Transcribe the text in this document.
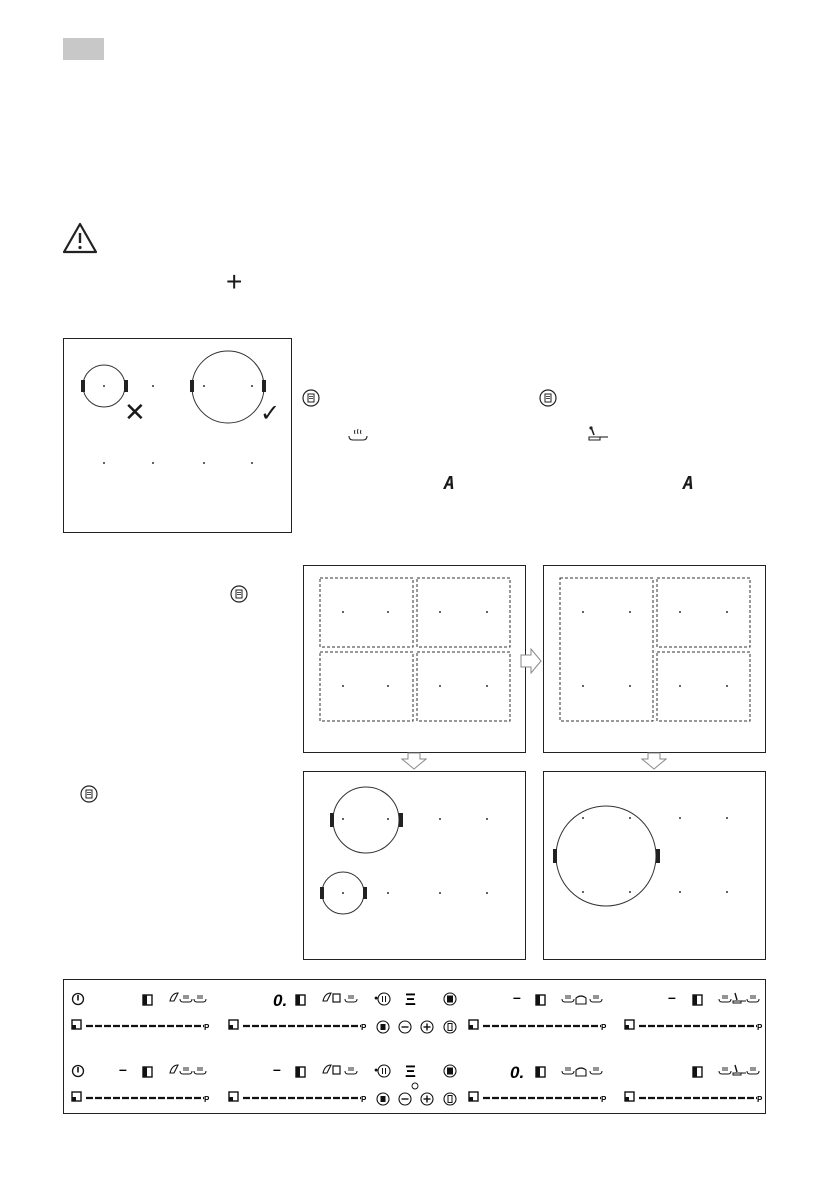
+
✕	✓
A	A
0.	● Ξ	–	–
–	–	● Ξ	0.
P	P	P	P
P	P	P	P
